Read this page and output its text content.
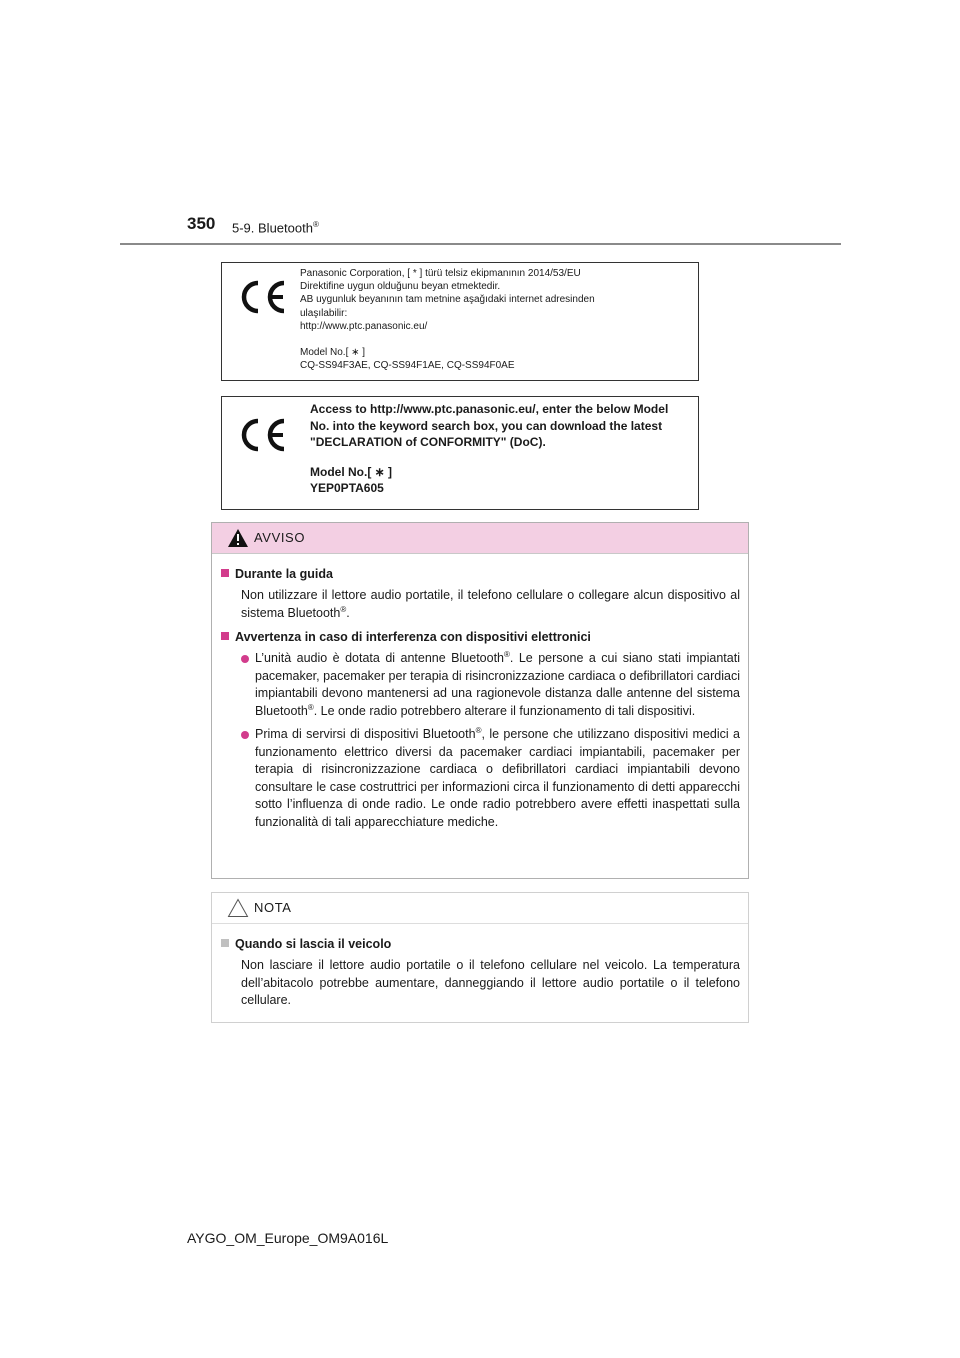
350 5-9. Bluetooth®
Panasonic Corporation, [ * ] türü telsiz ekipmanının 2014/53/EU
Direktifine uygun olduğunu beyan etmektedir.
AB uygunluk beyanının tam metnine aşağıdaki internet adresinden
ulaşılabilir:
http://www.ptc.panasonic.eu/
Model No.[ ∗ ]
CQ-SS94F3AE, CQ-SS94F1AE, CQ-SS94F0AE
Access to http://www.ptc.panasonic.eu/, enter the below Model
No. into the keyword search box, you can download the latest
"DECLARATION of CONFORMITY" (DoC).
Model No.[ ∗ ]
YEP0PTA605
AVVISO
Durante la guida
Non utilizzare il lettore audio portatile, il telefono cellulare o collegare alcun dispositivo al sistema Bluetooth®.
Avvertenza in caso di interferenza con dispositivi elettronici
L’unità audio è dotata di antenne Bluetooth®. Le persone a cui siano stati impiantati pacemaker, pacemaker per terapia di risincronizzazione cardiaca o defibrillatori cardiaci impiantabili devono mantenersi ad una ragionevole distanza dalle antenne del sistema Bluetooth®. Le onde radio potrebbero alterare il funzionamento di tali dispositivi.
Prima di servirsi di dispositivi Bluetooth®, le persone che utilizzano dispositivi medici a funzionamento elettrico diversi da pacemaker cardiaci impiantabili, pacemaker per terapia di risincronizzazione cardiaca o defibrillatori cardiaci impiantabili devono consultare le case costruttrici per informazioni circa il funzionamento di detti apparecchi sotto l’influenza di onde radio. Le onde radio potrebbero avere effetti inaspettati sulla funzionalità di tali apparecchiature mediche.
NOTA
Quando si lascia il veicolo
Non lasciare il lettore audio portatile o il telefono cellulare nel veicolo. La temperatura dell’abitacolo potrebbe aumentare, danneggiando il lettore audio portatile o il telefono cellulare.
AYGO_OM_Europe_OM9A016L
